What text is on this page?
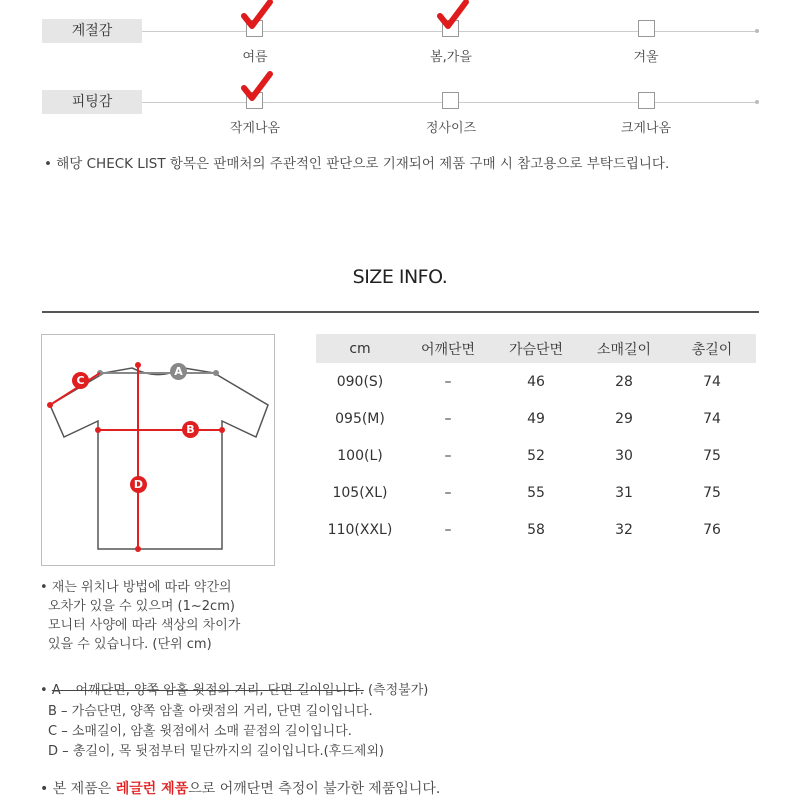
계절감
여름	봄,가을	겨울
피팅감
작게나옴	정사이즈	크게나옴
• 해당 CHECK LIST 항목은 판매처의 주관적인 판단으로 기재되어 제품 구매 시 참고용으로 부탁드립니다.
SIZE INFO.
A
C
B
D
cm	어깨단면	가슴단면	소매길이	총길이
090(S)	–	46	28	74
095(M)	–	49	29	74
100(L)	–	52	30	75
105(XL)	–	55	31	75
110(XXL)	–	58	32	76
• 재는 위치나 방법에 따라 약간의
오차가 있을 수 있으며 (1~2cm)
모니터 사양에 따라 색상의 차이가
있을 수 있습니다. (단위 cm)
• A – 어깨단면, 양쪽 암홀 윗점의 거리, 단면 길이입니다. (측정불가)
B – 가슴단면, 양쪽 암홀 아랫점의 거리, 단면 길이입니다.
C – 소매길이, 암홀 윗점에서 소매 끝점의 길이입니다.
D – 총길이, 목 뒷점부터 밑단까지의 길이입니다.(후드제외)
• 본 제품은 레글런 제품으로 어깨단면 측정이 불가한 제품입니다.
